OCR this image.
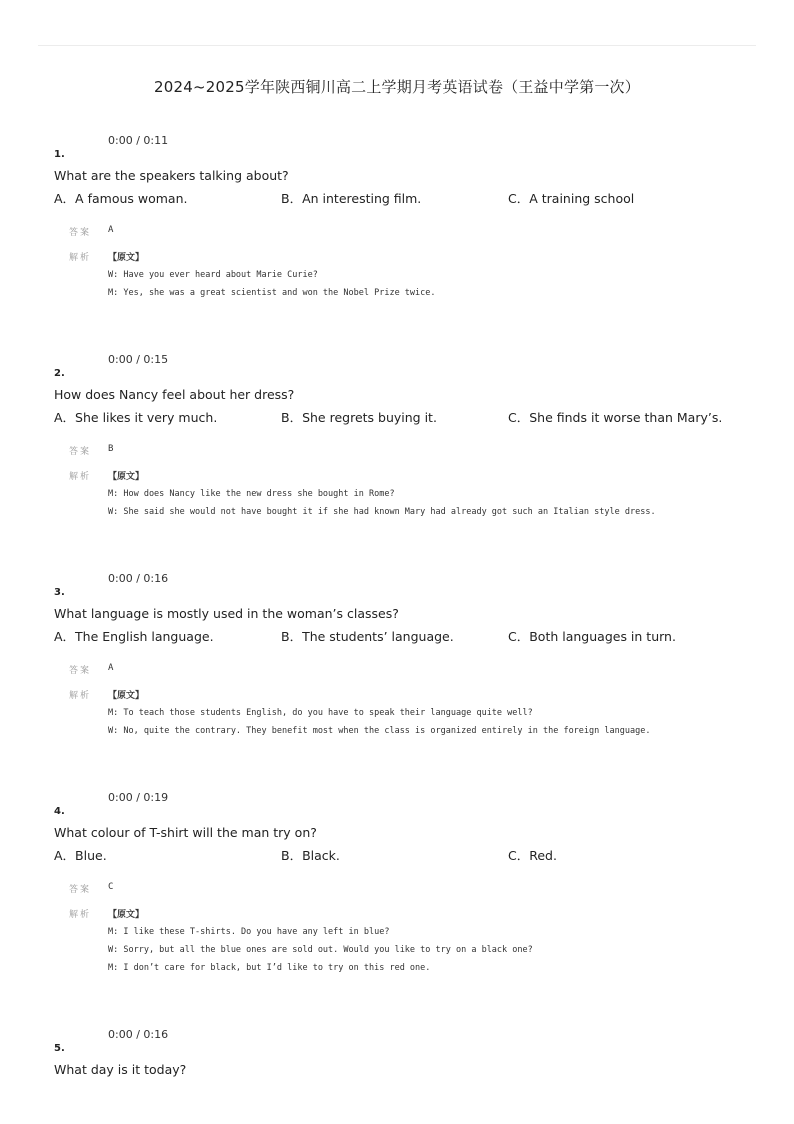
2024~2025学年陕西铜川高二上学期月考英语试卷（王益中学第一次）
0:00 / 0:11
1.
What are the speakers talking about?
A．A famous woman.	B．An interesting film.	C．A training school
答案 A
解析 【原文】
W: Have you ever heard about Marie Curie?
M: Yes, she was a great scientist and won the Nobel Prize twice.
0:00 / 0:15
2.
How does Nancy feel about her dress?
A．She likes it very much.	B．She regrets buying it.	C．She finds it worse than Mary’s.
答案 B
解析 【原文】
M: How does Nancy like the new dress she bought in Rome?
W: She said she would not have bought it if she had known Mary had already got such an Italian style dress.
0:00 / 0:16
3.
What language is mostly used in the woman’s classes?
A．The English language.	B．The students’ language.	C．Both languages in turn.
答案 A
解析 【原文】
M: To teach those students English, do you have to speak their language quite well?
W: No, quite the contrary. They benefit most when the class is organized entirely in the foreign language.
0:00 / 0:19
4.
What colour of T-shirt will the man try on?
A．Blue.	B．Black.	C．Red.
答案 C
解析 【原文】
M: I like these T-shirts. Do you have any left in blue?
W: Sorry, but all the blue ones are sold out. Would you like to try on a black one?
M: I don’t care for black, but I’d like to try on this red one.
0:00 / 0:16
5.
What day is it today?
